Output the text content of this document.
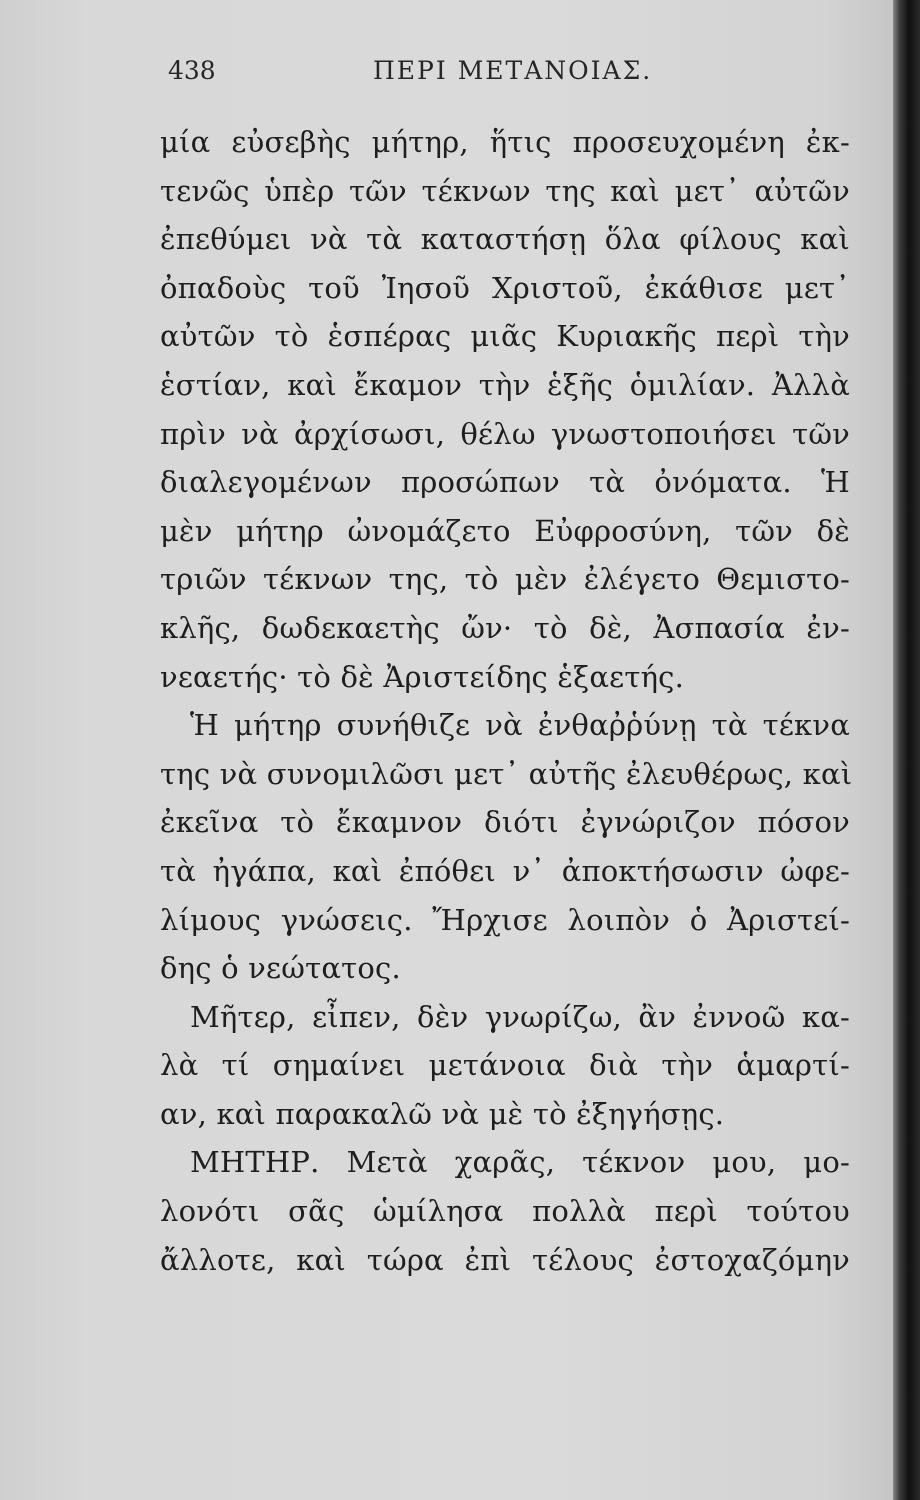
438	ΠΕΡΙ ΜΕΤΑΝΟΙΑΣ.
μία εὐσεβὴς μήτηρ, ἥτις προσευχομένη ἐκ-
τενῶς ὑπὲρ τῶν τέκνων της καὶ μετ᾽ αὐτῶν
ἐπεθύμει νὰ τὰ καταστήσῃ ὅλα φίλους καὶ
ὀπαδοὺς τοῦ Ἰησοῦ Χριστοῦ, ἐκάθισε μετ᾽
αὐτῶν τὸ ἑσπέρας μιᾶς Κυριακῆς περὶ τὴν
ἑστίαν, καὶ ἔκαμον τὴν ἑξῆς ὁμιλίαν. Ἀλλὰ
πρὶν νὰ ἀρχίσωσι, θέλω γνωστοποιήσει τῶν
διαλεγομένων προσώπων τὰ ὀνόματα. Ἡ
μὲν μήτηρ ὠνομάζετο Εὐφροσύνη, τῶν δὲ
τριῶν τέκνων της, τὸ μὲν ἐλέγετο Θεμιστο-
κλῆς, δωδεκαετὴς ὤν· τὸ δὲ, Ἀσπασία ἐν-
νεαετής· τὸ δὲ Ἀριστείδης ἑξαετής.
Ἡ μήτηρ συνήθιζε νὰ ἐνθαῤῥύνῃ τὰ τέκνα
της νὰ συνομιλῶσι μετ᾽ αὐτῆς ἐλευθέρως, καὶ
ἐκεῖνα τὸ ἔκαμνον διότι ἐγνώριζον πόσον
τὰ ἠγάπα, καὶ ἐπόθει ν᾽ ἀποκτήσωσιν ὠφε-
λίμους γνώσεις. Ἤρχισε λοιπὸν ὁ Ἀριστεί-
δης ὁ νεώτατος.
Μῆτερ, εἶπεν, δὲν γνωρίζω, ἂν ἐννοῶ κα-
λὰ τί σημαίνει μετάνοια διὰ τὴν ἁμαρτί-
αν, καὶ παρακαλῶ νὰ μὲ τὸ ἐξηγήσῃς.
ΜΗΤΗΡ. Μετὰ χαρᾶς, τέκνον μου, μο-
λονότι σᾶς ὡμίλησα πολλὰ περὶ τούτου
ἄλλοτε, καὶ τώρα ἐπὶ τέλους ἐστοχαζόμην
